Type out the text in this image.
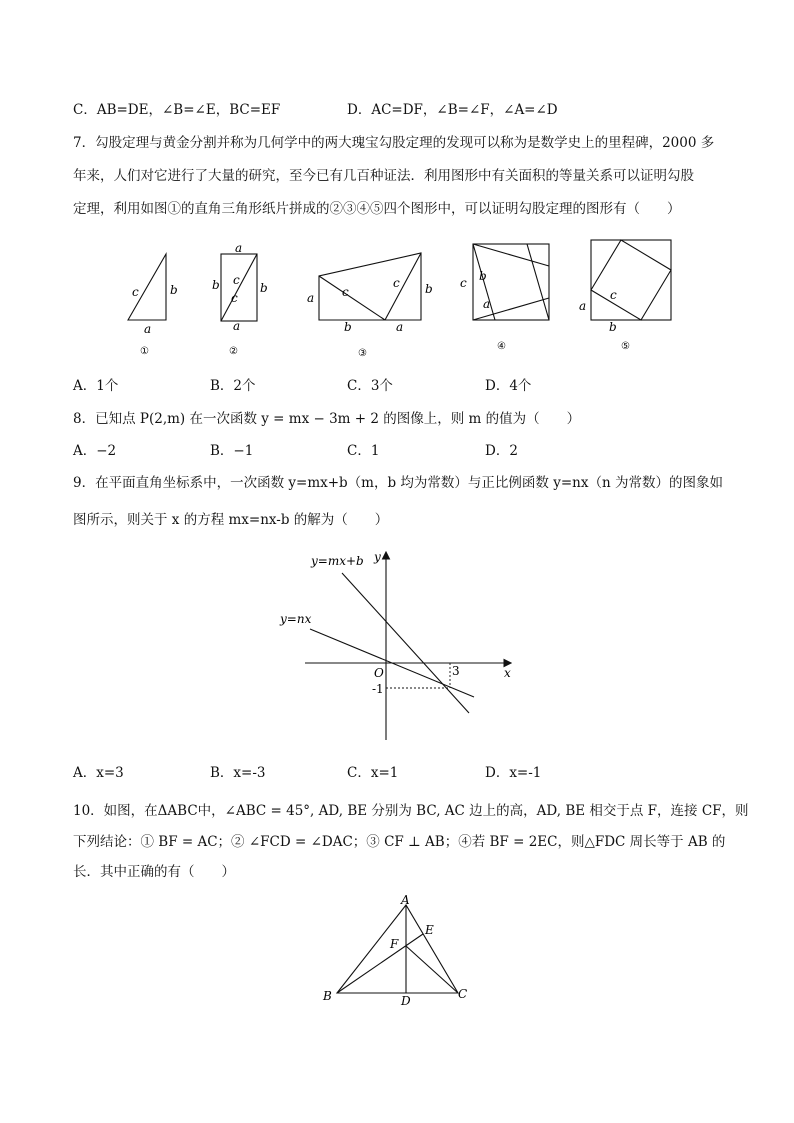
C．AB=DE，∠B=∠E，BC=EF	D．AC=DF，∠B=∠F，∠A=∠D
7．勾股定理与黄金分割并称为几何学中的两大瑰宝勾股定理的发现可以称为是数学史上的里程碑，2000 多
年来，人们对它进行了大量的研究，至今已有几百种证法．利用图形中有关面积的等量关系可以证明勾股
定理，利用如图①的直角三角形纸片拼成的②③④⑤四个图形中，可以证明勾股定理的图形有（　　）
c	b
a
①
a
b	b
c
c
a
②
a c
c b
b	a
③
c b
a
④
a
c
b
⑤
A．1个	B．2个	C．3个	D．4个
8．已知点 P(2,m) 在一次函数 y = mx − 3m + 2 的图像上，则 m 的值为（　　）
A．−2	B．−1	C．1	D．2
9．在平面直角坐标系中，一次函数 y=mx+b（m，b 均为常数）与正比例函数 y=nx（n 为常数）的图象如
图所示，则关于 x 的方程 mx=nx-b 的解为（　　）
y=mx+b
y=nx
y
x
O	3
-1
A．x=3	B．x=-3	C．x=1	D．x=-1
10．如图，在ΔABC中，∠ABC = 45°, AD, BE 分别为 BC, AC 边上的高，AD, BE 相交于点 F，连接 CF，则
下列结论：① BF = AC；② ∠FCD = ∠DAC；③ CF ⊥ AB；④若 BF = 2EC，则△FDC 周长等于 AB 的
长．其中正确的有（　　）
A
B	C
D
E
F
